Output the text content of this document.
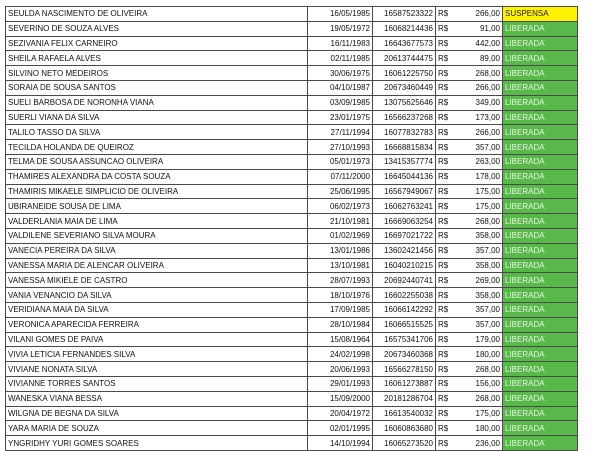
SEULDA NASCIMENTO DE OLIVEIRA	16/05/1985	16587523322	R$	266,00	SUSPENSA
SEVERINO DE SOUZA ALVES	19/05/1972	16068214436	R$	91,00	LIBERADA
SEZIVANIA FELIX CARNEIRO	16/11/1983	16643677573	R$	442,00	LIBERADA
SHEILA RAFAELA ALVES	02/11/1985	20613744475	R$	89,00	LIBERADA
SILVINO NETO MEDEIROS	30/06/1975	16061225750	R$	268,00	LIBERADA
SORAIA DE SOUSA SANTOS	04/10/1987	20673460449	R$	266,00	LIBERADA
SUELI BARBOSA DE NORONHA VIANA	03/09/1985	13075625646	R$	349,00	LIBERADA
SUERLI VIANA DA SILVA	23/01/1975	16566237268	R$	173,00	LIBERADA
TALILO TASSO DA SILVA	27/11/1994	16077832783	R$	266,00	LIBERADA
TECILDA HOLANDA DE QUEIROZ	27/10/1993	16668815834	R$	357,00	LIBERADA
TELMA DE SOUSA ASSUNCAO OLIVEIRA	05/01/1973	13415357774	R$	263,00	LIBERADA
THAMIRES ALEXANDRA DA COSTA SOUZA	07/11/2000	16645044136	R$	178,00	LIBERADA
THAMIRIS MIKAELE SIMPLICIO DE OLIVEIRA	25/06/1995	16567949067	R$	175,00	LIBERADA
UBIRANEIDE SOUSA DE LIMA	06/02/1973	16062763241	R$	175,00	LIBERADA
VALDERLANIA MAIA DE LIMA	21/10/1981	16669063254	R$	268,00	LIBERADA
VALDILENE SEVERIANO SILVA MOURA	01/02/1969	16697021722	R$	358,00	LIBERADA
VANECIA PEREIRA DA SILVA	13/01/1986	13602421456	R$	357,00	LIBERADA
VANESSA MARIA DE ALENCAR OLIVEIRA	13/10/1981	16040210215	R$	358,00	LIBERADA
VANESSA MIKIELE DE CASTRO	28/07/1993	20692440741	R$	269,00	LIBERADA
VANIA VENANCIO DA SILVA	18/10/1976	16602255038	R$	358,00	LIBERADA
VERIDIANA MAIA DA SILVA	17/09/1985	16066142292	R$	357,00	LIBERADA
VERONICA APARECIDA FERREIRA	28/10/1984	16066515525	R$	357,00	LIBERADA
VILANI GOMES DE PAIVA	15/08/1964	16575341706	R$	179,00	LIBERADA
VIVIA LETICIA FERNANDES SILVA	24/02/1998	20673460368	R$	180,00	LIBERADA
VIVIANE NONATA SILVA	20/06/1993	16566278150	R$	268,00	LIBERADA
VIVIANNE TORRES SANTOS	29/01/1993	16061273887	R$	156,00	LIBERADA
WANESKA VIANA BESSA	15/09/2000	20181286704	R$	268,00	LIBERADA
WILGNA DE BEGNA DA SILVA	20/04/1972	16613540032	R$	175,00	LIBERADA
YARA MARIA DE SOUZA	02/01/1995	16060863680	R$	180,00	LIBERADA
YNGRIDHY YURI GOMES SOARES	14/10/1994	16065273520	R$	236,00	LIBERADA
